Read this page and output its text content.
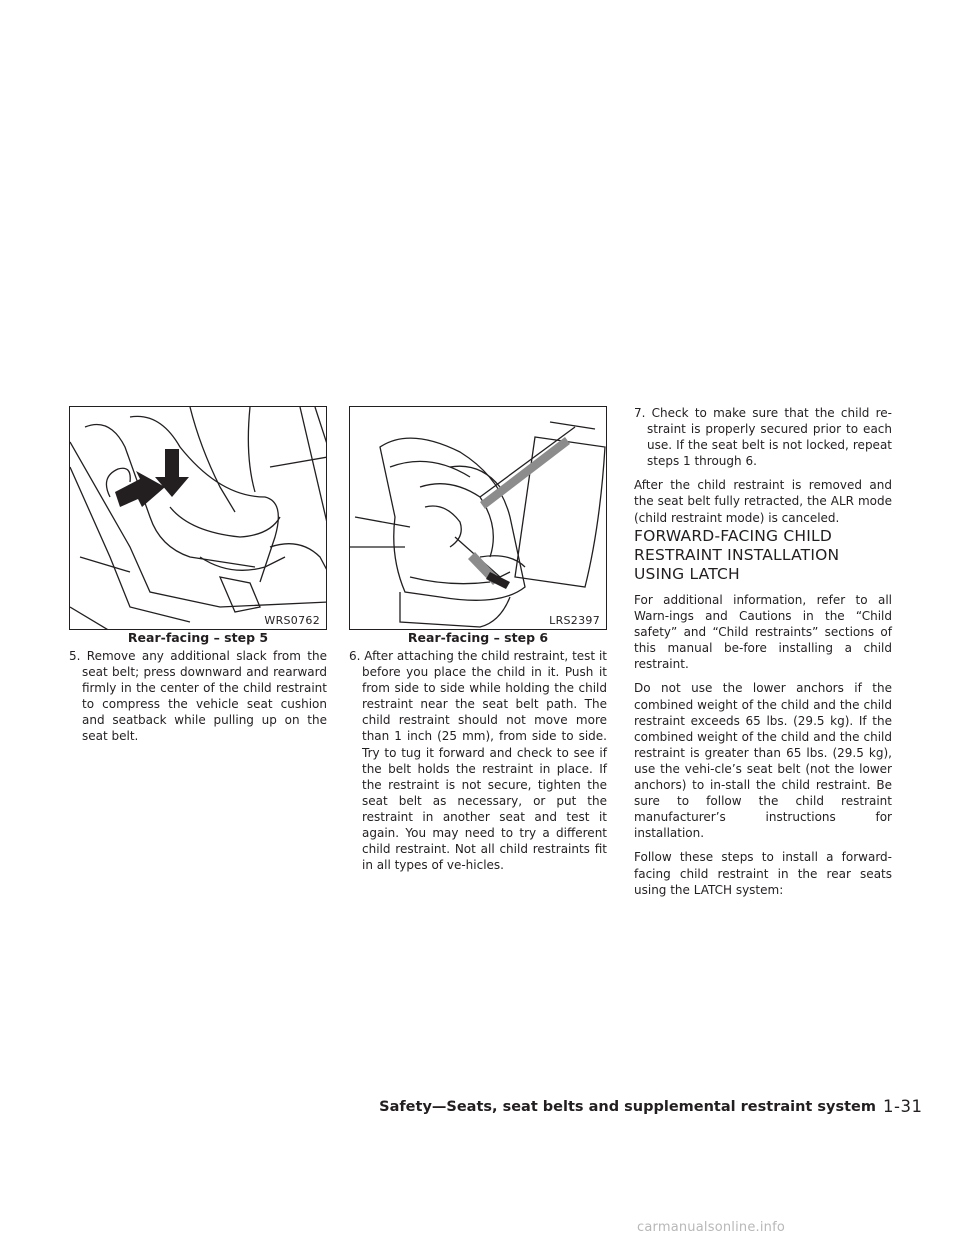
WRS0762
Rear-facing – step 5
LRS2397
Rear-facing – step 6
5. Remove any additional slack from the seat belt; press downward and rearward firmly in the center of the child restraint to compress the vehicle seat cushion and seatback while pulling up on the seat belt.
6. After attaching the child restraint, test it before you place the child in it. Push it from side to side while holding the child restraint near the seat belt path. The child restraint should not move more than 1 inch (25 mm), from side to side. Try to tug it forward and check to see if the belt holds the restraint in place. If the restraint is not secure, tighten the seat belt as necessary, or put the restraint in another seat and test it again. You may need to try a different child restraint. Not all child restraints fit in all types of ve-hicles.
7. Check to make sure that the child re-straint is properly secured prior to each use. If the seat belt is not locked, repeat steps 1 through 6.
After the child restraint is removed and the seat belt fully retracted, the ALR mode (child restraint mode) is canceled.
FORWARD-FACING CHILD RESTRAINT INSTALLATION USING LATCH
For additional information, refer to all Warn-ings and Cautions in the “Child safety” and “Child restraints” sections of this manual be-fore installing a child restraint.
Do not use the lower anchors if the combined weight of the child and the child restraint exceeds 65 lbs. (29.5 kg). If the combined weight of the child and the child restraint is greater than 65 lbs. (29.5 kg), use the vehi-cle’s seat belt (not the lower anchors) to in-stall the child restraint. Be sure to follow the child restraint manufacturer’s instructions for installation.
Follow these steps to install a forward-facing child restraint in the rear seats using the LATCH system:
Safety—Seats, seat belts and supplemental restraint system 1-31
carmanualsonline.info
